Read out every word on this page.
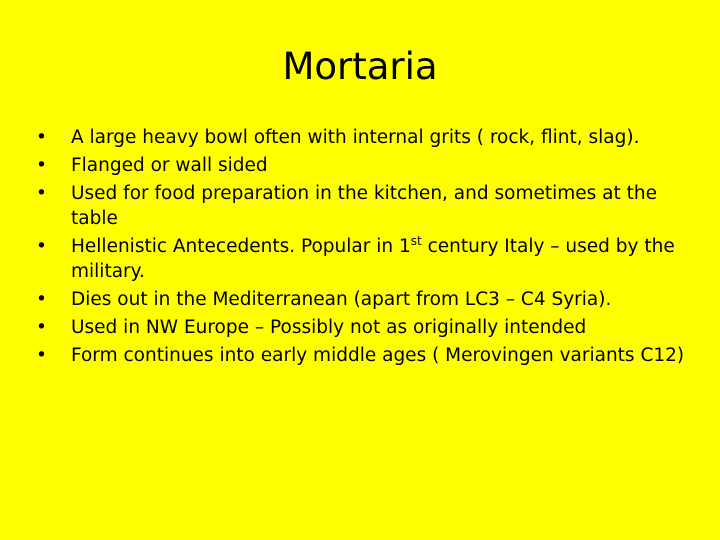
Mortaria
•	A large heavy bowl often with internal grits ( rock, flint, slag).
•	Flanged or wall sided
•	Used for food preparation in the kitchen, and sometimes at the table
•	Hellenistic Antecedents. Popular in 1st century Italy – used by the military.
•	Dies out in the Mediterranean (apart from LC3 – C4 Syria).
•	Used in NW Europe – Possibly not as originally intended
•	Form continues into early middle ages ( Merovingen variants C12)
